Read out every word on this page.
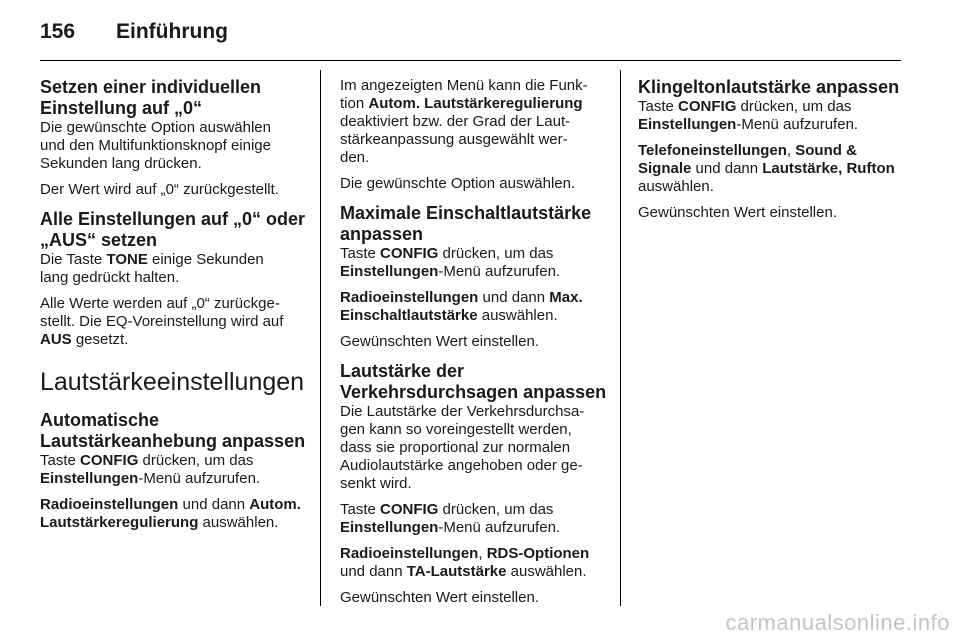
156 Einführung
Setzen einer individuellen
Einstellung auf „0“

Die gewünschte Option auswählen
und den Multifunktionsknopf einige
Sekunden lang drücken.

Der Wert wird auf „0“ zurückgestellt.

Alle Einstellungen auf „0“ oder
„AUS“ setzen

Die Taste TONE einige Sekunden
lang gedrückt halten.

Alle Werte werden auf „0“ zurückge-
stellt. Die EQ-Voreinstellung wird auf
AUS gesetzt.

Lautstärkeeinstellungen
Automatische
Lautstärkeanhebung anpassen

Taste CONFIG drücken, um das
Einstellungen-Menü aufzurufen.

Radioeinstellungen und dann Autom.
Lautstärkeregulierung auswählen.

Im angezeigten Menü kann die Funk-
tion Autom. Lautstärkeregulierung
deaktiviert bzw. der Grad der Laut-
stärkeanpassung ausgewählt wer-
den.

Die gewünschte Option auswählen.

Maximale Einschaltlautstärke
anpassen

Taste CONFIG drücken, um das
Einstellungen-Menü aufzurufen.

Radioeinstellungen und dann Max.
Einschaltlautstärke auswählen.

Gewünschten Wert einstellen.

Lautstärke der
Verkehrsdurchsagen anpassen

Die Lautstärke der Verkehrsdurchsa-
gen kann so voreingestellt werden,
dass sie proportional zur normalen
Audiolautstärke angehoben oder ge-
senkt wird.

Taste CONFIG drücken, um das
Einstellungen-Menü aufzurufen.

Radioeinstellungen, RDS-Optionen
und dann TA-Lautstärke auswählen.

Gewünschten Wert einstellen.

Klingeltonlautstärke anpassen

Taste CONFIG drücken, um das
Einstellungen-Menü aufzurufen.

Telefoneinstellungen, Sound &
Signale und dann Lautstärke, Rufton
auswählen.

Gewünschten Wert einstellen.

carmanualsonline.info
